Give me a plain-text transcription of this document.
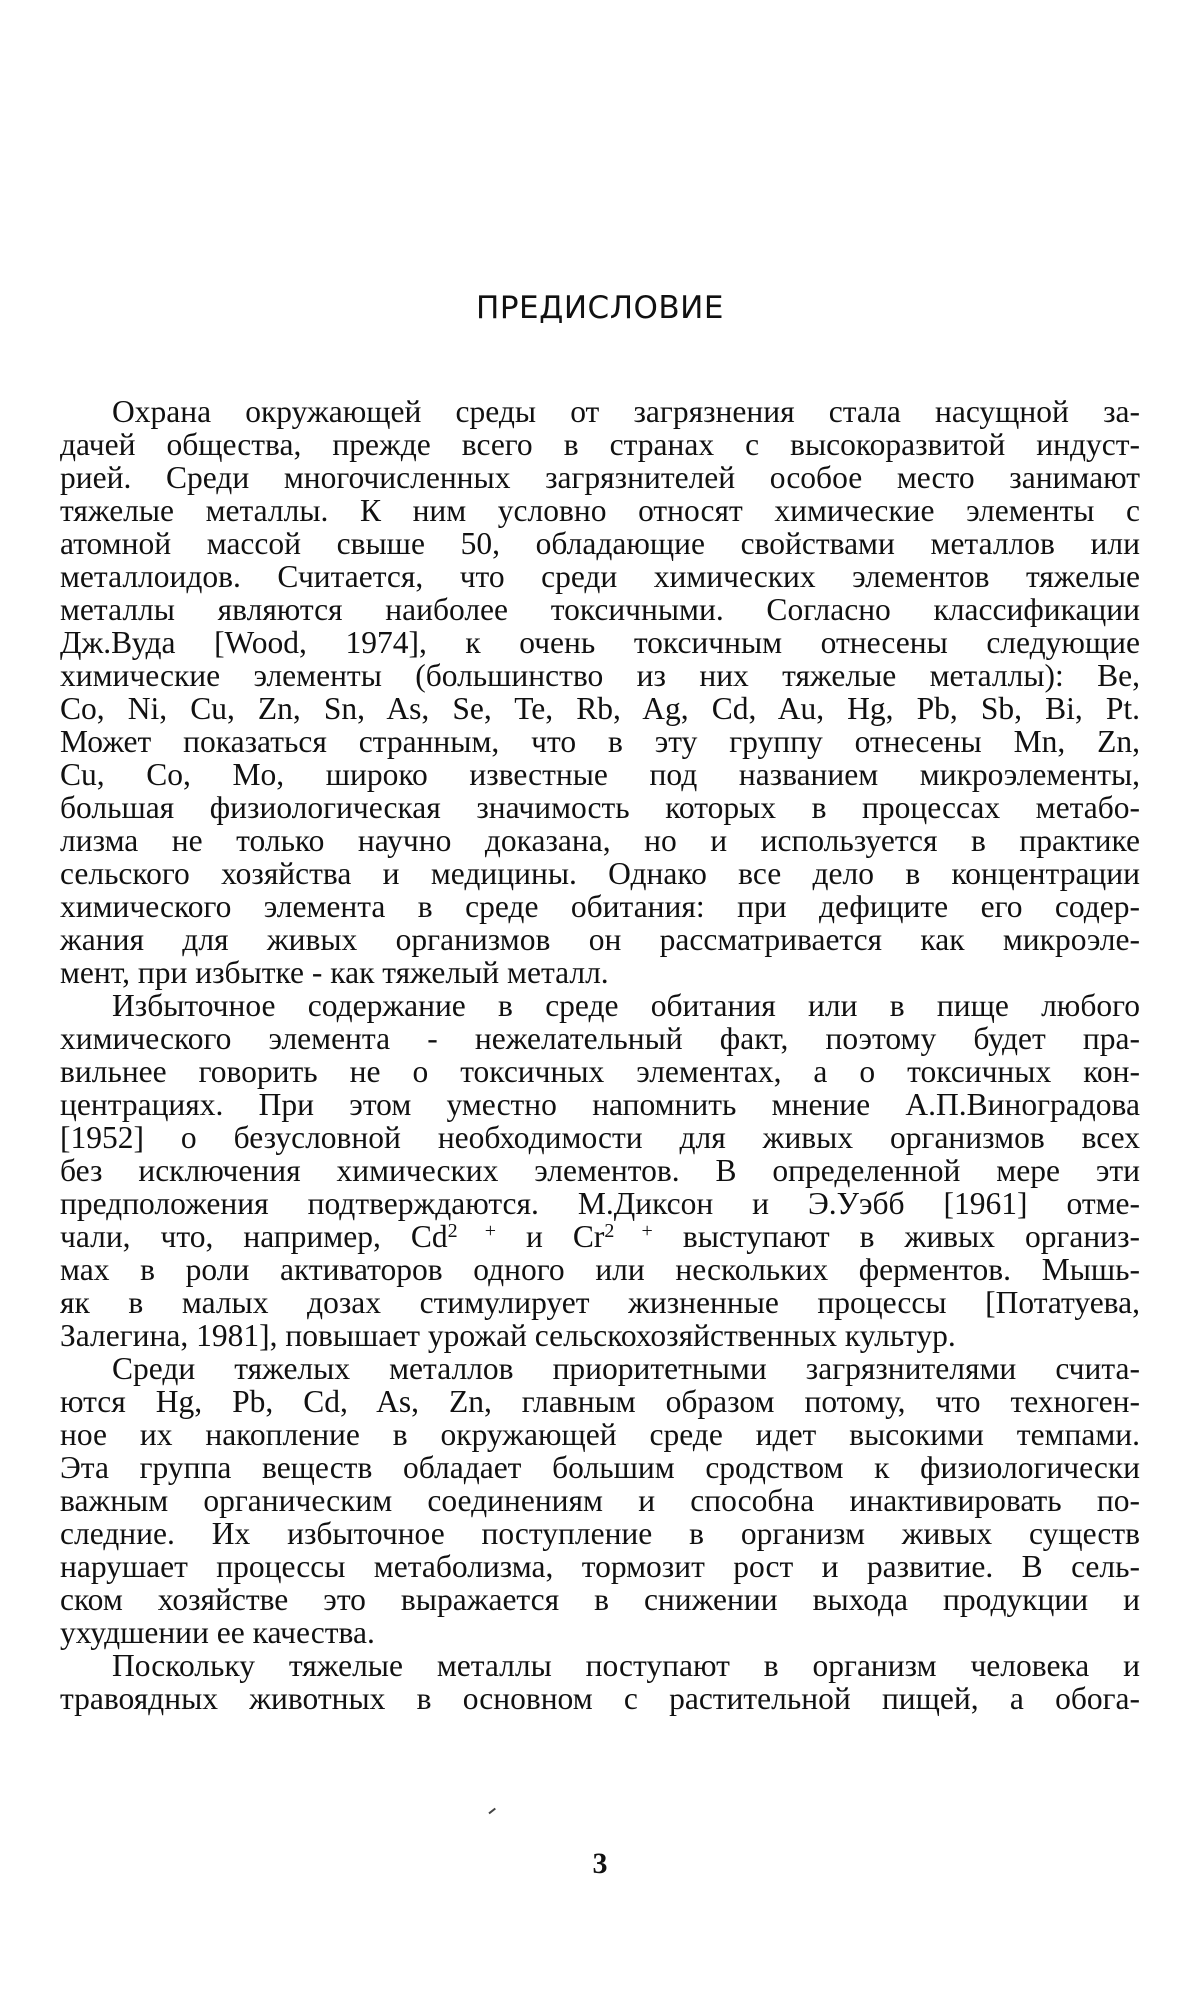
ПРЕДИСЛОВИЕ
Охрана окружающей среды от загрязнения стала насущной за-
дачей общества, прежде всего в странах с высокоразвитой индуст-
рией. Среди многочисленных загрязнителей особое место занимают
тяжелые металлы. К ним условно относят химические элементы с
атомной массой свыше 50, обладающие свойствами металлов или
металлоидов. Считается, что среди химических элементов тяжелые
металлы являются наиболее токсичными. Согласно классификации
Дж.Вуда [Wood, 1974], к очень токсичным отнесены следующие
химические элементы (большинство из них тяжелые металлы): Be,
Co, Ni, Cu, Zn, Sn, As, Se, Te, Rb, Ag, Cd, Au, Hg, Pb, Sb, Bi, Pt.
Может показаться странным, что в эту группу отнесены Mn, Zn,
Cu, Co, Mo, широко известные под названием микроэлементы,
большая физиологическая значимость которых в процессах метабо-
лизма не только научно доказана, но и используется в практике
сельского хозяйства и медицины. Однако все дело в концентрации
химического элемента в среде обитания: при дефиците его содер-
жания для живых организмов он рассматривается как микроэле-
мент, при избытке - как тяжелый металл.
Избыточное содержание в среде обитания или в пище любого
химического элемента - нежелательный факт, поэтому будет пра-
вильнее говорить не о токсичных элементах, а о токсичных кон-
центрациях. При этом уместно напомнить мнение А.П.Виноградова
[1952] о безусловной необходимости для живых организмов всех
без исключения химических элементов. В определенной мере эти
предположения подтверждаются. М.Диксон и Э.Уэбб [1961] отме-
чали, что, например, $Cd^{2 +}$ и $Cr^{2 +}$ выступают в живых организ-
мах в роли активаторов одного или нескольких ферментов. Мышь-
як в малых дозах стимулирует жизненные процессы [Потатуева,
Залегина, 1981], повышает урожай сельскохозяйственных культур.
Среди тяжелых металлов приоритетными загрязнителями счита-
ются Hg, Pb, Cd, As, Zn, главным образом потому, что техноген-
ное их накопление в окружающей среде идет высокими темпами.
Эта группа веществ обладает большим сродством к физиологически
важным органическим соединениям и способна инактивировать по-
следние. Их избыточное поступление в организм живых существ
нарушает процессы метаболизма, тормозит рост и развитие. В сель-
ском хозяйстве это выражается в снижении выхода продукции и
ухудшении ее качества.
Поскольку тяжелые металлы поступают в организм человека и
травоядных животных в основном с растительной пищей, а обога-
3
